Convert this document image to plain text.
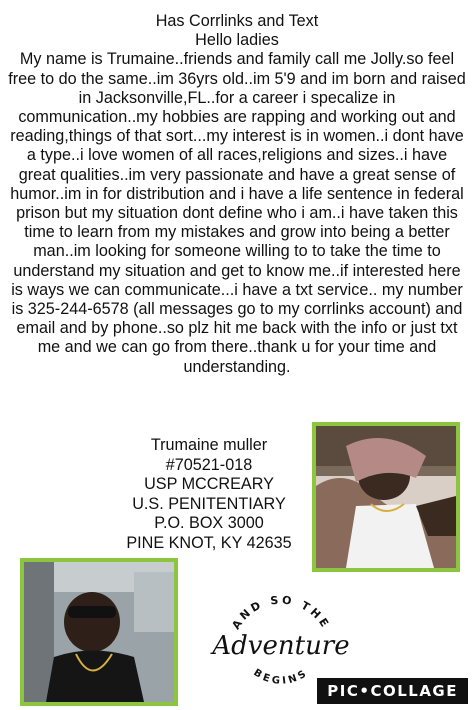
Has Corrlinks and Text
Hello ladies
My name is Trumaine..friends and family call me Jolly.so feel free to do the same..im 36yrs old..im 5'9 and im born and raised in Jacksonville,FL..for a career i specalize in communication..my hobbies are rapping and working out and reading,things of that sort...my interest is in women..i dont have a type..i love women of all races,religions and sizes..i have great qualities..im very passionate and have a great sense of humor..im in for distribution and i have a life sentence in federal prison but my situation dont define who i am..i have taken this time to learn from my mistakes and grow into being a better man..im looking for someone willing to to take the time to understand my situation and get to know me..if interested here is ways we can communicate...i have a txt service.. my number is 325-244-6578 (all messages go to my corrlinks account) and email and by phone..so plz hit me back with the info or just txt me and we can go from there..thank u for your time and understanding.
Trumaine muller
#70521-018
USP MCCREARY
U.S. PENITENTIARY
P.O. BOX 3000
PINE KNOT, KY 42635
AND SO THE
Adventure
BEGINS
PIC•COLLAGE
